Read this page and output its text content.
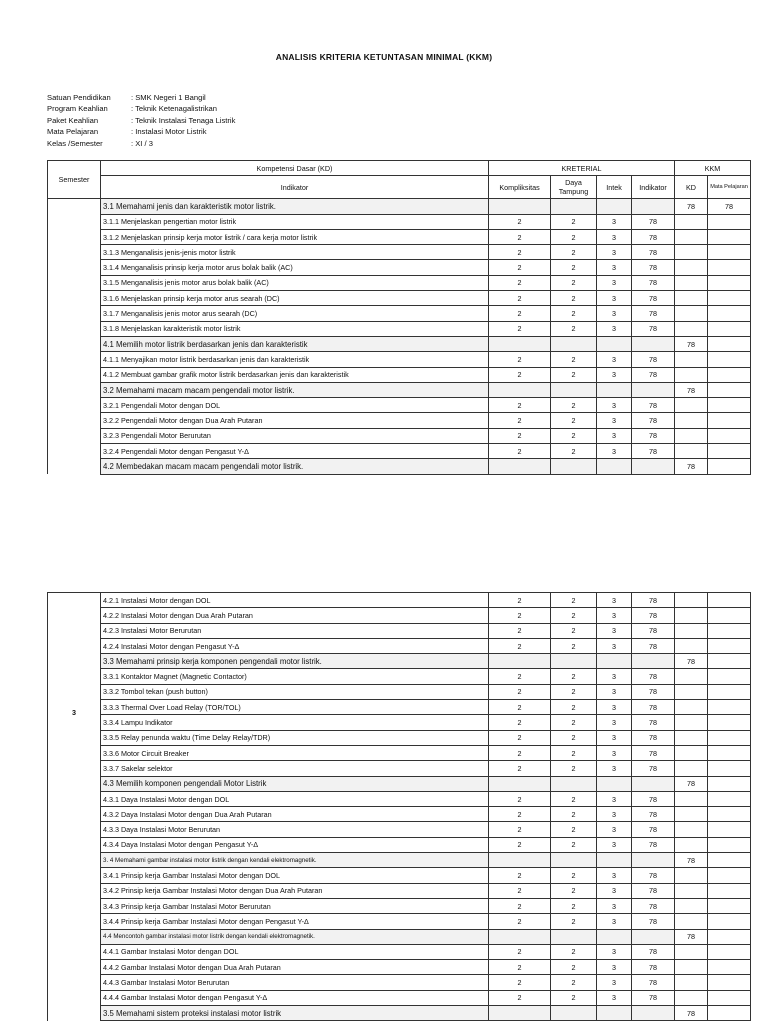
ANALISIS KRITERIA KETUNTASAN MINIMAL (KKM)
Satuan Pendidikan	: SMK Negeri 1 Bangil
Program Keahlian	: Teknik Ketenagalistrikan
Paket Keahlian	: Teknik Instalasi Tenaga Listrik
Mata Pelajaran	: Instalasi Motor Listrik
Kelas /Semester	: XI / 3
Semester	Kompetensi Dasar (KD)	KRETERIAL				KKM	
	Indikator	Kompliksitas	Daya Tampung	Intek	Indikator	KD	Mata Pelajaran
	3.1 Memahami jenis dan karakteristik motor listrik.					78	78
	3.1.1 Menjelaskan pengertian motor listrik	2	2	3	78		
	3.1.2 Menjelaskan prinsip kerja motor listrik / cara kerja motor listrik	2	2	3	78		
	3.1.3 Menganalisis jenis-jenis motor listrik	2	2	3	78		
	3.1.4 Menganalisis prinsip kerja motor arus bolak balik (AC)	2	2	3	78		
	3.1.5 Menganalisis jenis motor arus bolak balik (AC)	2	2	3	78		
	3.1.6 Menjelaskan prinsip kerja motor arus searah (DC)	2	2	3	78		
	3.1.7 Menganalisis jenis motor arus searah (DC)	2	2	3	78		
	3.1.8 Menjelaskan karakteristik motor listrik	2	2	3	78		
	4.1 Memilih motor listrik berdasarkan jenis dan karakteristik					78	
	4.1.1 Menyajikan motor listrik berdasarkan jenis dan karakteristik	2	2	3	78		
	4.1.2 Membuat gambar grafik motor listrik berdasarkan jenis dan karakteristik	2	2	3	78		
	3.2 Memahami macam macam pengendali motor listrik.					78	
	3.2.1 Pengendali Motor dengan DOL	2	2	3	78		
	3.2.2 Pengendali Motor dengan Dua Arah Putaran	2	2	3	78		
	3.2.3 Pengendali Motor Berurutan	2	2	3	78		
	3.2.4 Pengendali Motor dengan Pengasut Y-Δ	2	2	3	78		
	4.2 Membedakan macam macam pengendali motor listrik.					78	
3	4.2.1 Instalasi Motor dengan DOL	2	2	3	78		
	4.2.2 Instalasi Motor dengan Dua Arah Putaran	2	2	3	78		
	4.2.3 Instalasi Motor Berurutan	2	2	3	78		
	4.2.4 Instalasi Motor dengan Pengasut Y-Δ	2	2	3	78		
	3.3 Memahami prinsip kerja komponen pengendali motor listrik.					78	
	3.3.1 Kontaktor Magnet (Magnetic Contactor)	2	2	3	78		
	3.3.2 Tombol tekan (push button)	2	2	3	78		
	3.3.3 Thermal Over Load Relay (TOR/TOL)	2	2	3	78		
	3.3.4 Lampu Indikator	2	2	3	78		
	3.3.5 Relay penunda waktu (Time Delay Relay/TDR)	2	2	3	78		
	3.3.6 Motor Circuit Breaker	2	2	3	78		
	3.3.7 Sakelar selektor	2	2	3	78		
	4.3 Memilih komponen pengendali Motor Listrik					78	
	4.3.1 Daya Instalasi Motor dengan DOL	2	2	3	78		
	4.3.2 Daya Instalasi Motor dengan Dua Arah Putaran	2	2	3	78		
	4.3.3 Daya Instalasi Motor Berurutan	2	2	3	78		
	4.3.4 Daya Instalasi Motor dengan Pengasut Y-Δ	2	2	3	78		
	3. 4 Memahami gambar instalasi motor listrik dengan kendali elektromagnetik.					78	
	3.4.1 Prinsip kerja Gambar Instalasi Motor dengan DOL	2	2	3	78		
	3.4.2 Prinsip kerja Gambar Instalasi Motor dengan Dua Arah Putaran	2	2	3	78		
	3.4.3 Prinsip kerja Gambar Instalasi Motor Berurutan	2	2	3	78		
	3.4.4 Prinsip kerja Gambar Instalasi Motor dengan Pengasut Y-Δ	2	2	3	78		
	4.4 Mencontoh gambar instalasi motor listrik dengan kendali elektromagnetik.					78	
	4.4.1 Gambar Instalasi Motor dengan DOL	2	2	3	78		
	4.4.2 Gambar Instalasi Motor dengan Dua Arah Putaran	2	2	3	78		
	4.4.3 Gambar Instalasi Motor Berurutan	2	2	3	78		
	4.4.4 Gambar Instalasi Motor dengan Pengasut Y-Δ	2	2	3	78		
	3.5 Memahami sistem proteksi instalasi motor listrik					78	
